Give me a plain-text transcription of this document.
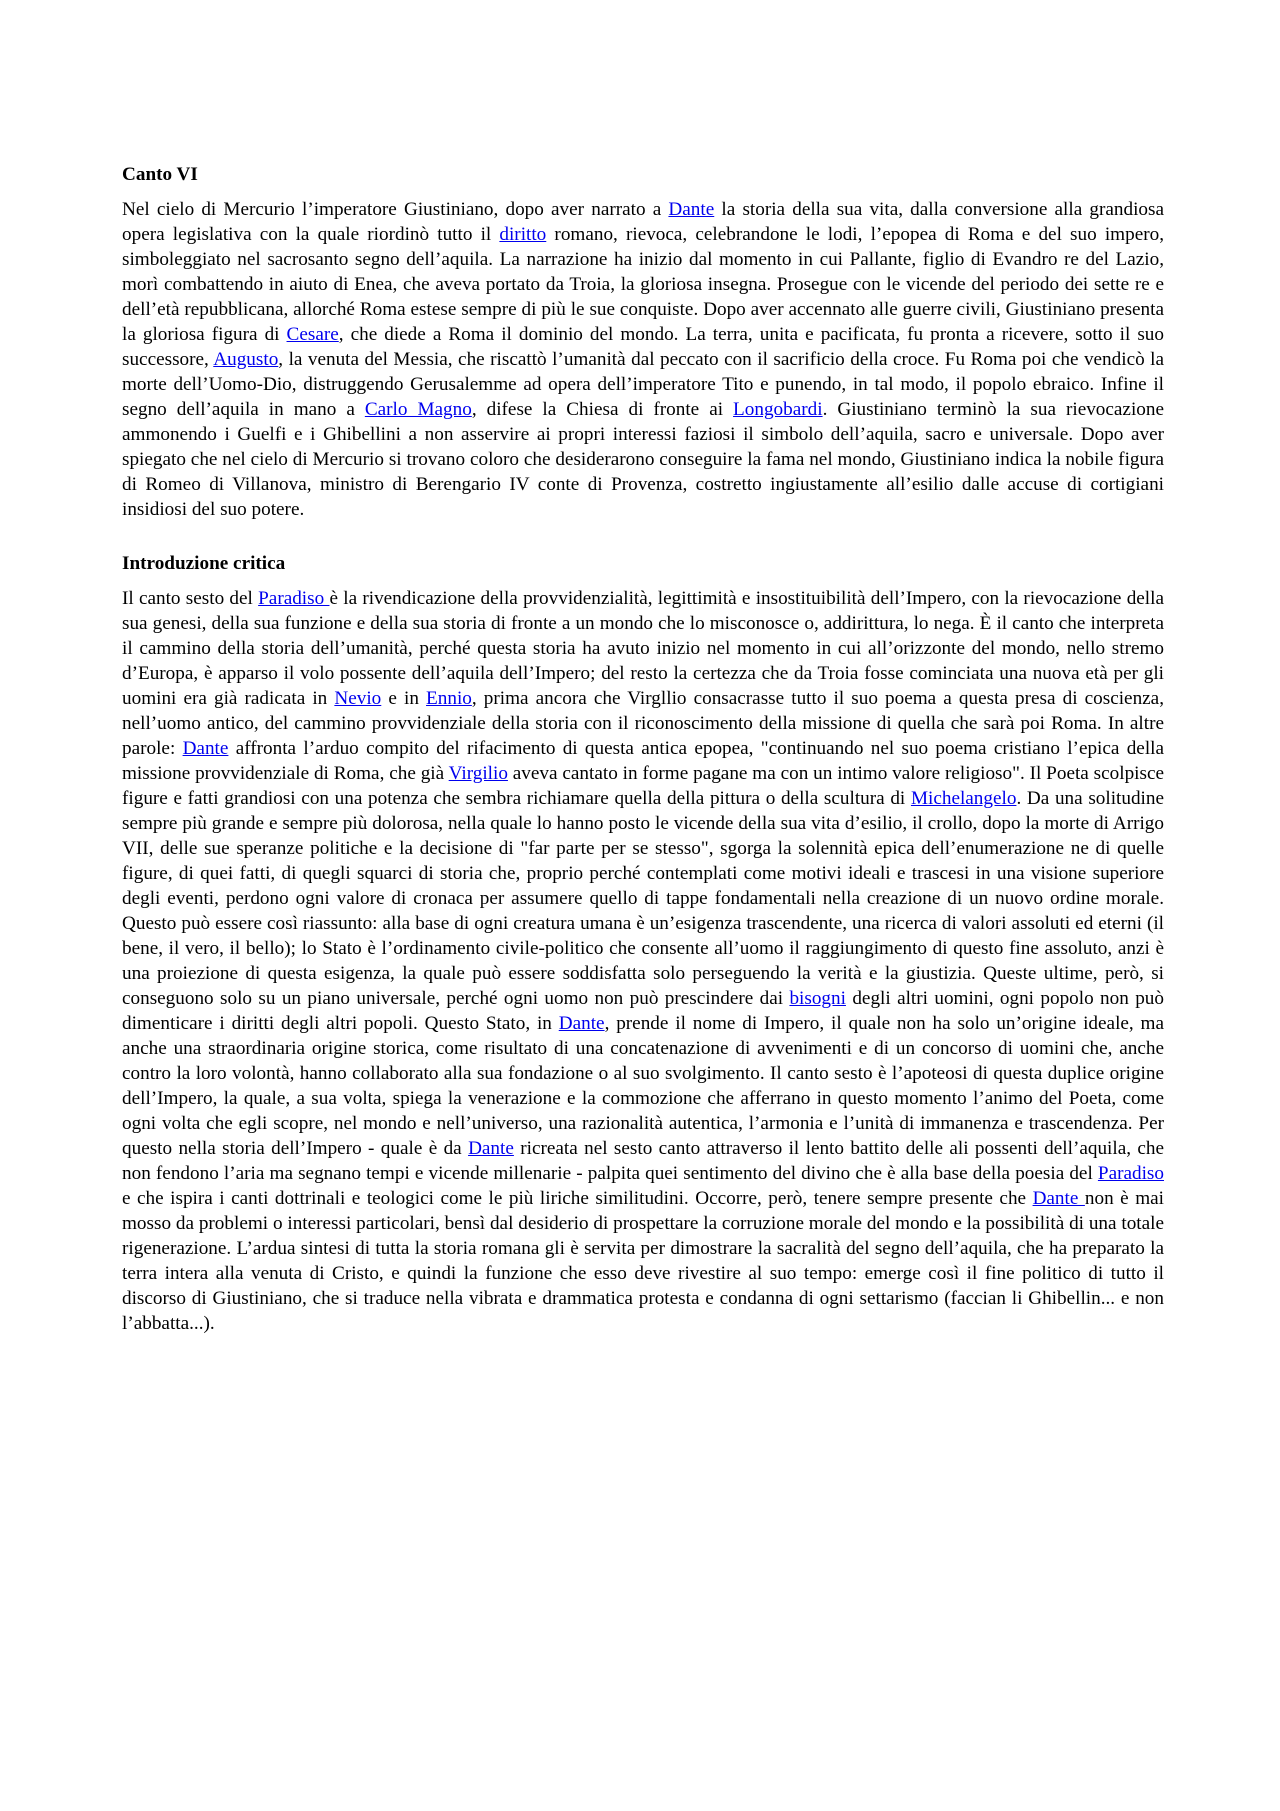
Canto VI

Nel cielo di Mercurio l’imperatore Giustiniano, dopo aver narrato a Dante la storia della sua vita, dalla conversione alla grandiosa opera legislativa con la quale riordinò tutto il diritto romano, rievoca, celebrandone le lodi, l’epopea di Roma e del suo impero, simboleggiato nel sacrosanto segno dell’aquila. La narrazione ha inizio dal momento in cui Pallante, figlio di Evandro re del Lazio, morì combattendo in aiuto di Enea, che aveva portato da Troia, la gloriosa insegna. Prosegue con le vicende del periodo dei sette re e dell’età repubblicana, allorché Roma estese sempre di più le sue conquiste. Dopo aver accennato alle guerre civili, Giustiniano presenta la gloriosa figura di Cesare, che diede a Roma il dominio del mondo. La terra, unita e pacificata, fu pronta a ricevere, sotto il suo successore, Augusto, la venuta del Messia, che riscattò l’umanità dal peccato con il sacrificio della croce. Fu Roma poi che vendicò la morte dell’Uomo-Dio, distruggendo Gerusalemme ad opera dell’imperatore Tito e punendo, in tal modo, il popolo ebraico. Infine il segno dell’aquila in mano a Carlo Magno, difese la Chiesa di fronte ai Longobardi. Giustiniano terminò la sua rievocazione ammonendo i Guelfi e i Ghibellini a non asservire ai propri interessi faziosi il simbolo dell’aquila, sacro e universale. Dopo aver spiegato che nel cielo di Mercurio si trovano coloro che desiderarono conseguire la fama nel mondo, Giustiniano indica la nobile figura di Romeo di Villanova, ministro di Berengario IV conte di Provenza, costretto ingiustamente all’esilio dalle accuse di cortigiani insidiosi del suo potere.

Introduzione critica

Il canto sesto del Paradiso è la rivendicazione della provvidenzialità, legittimità e insostituibilità dell’Impero, con la rievocazione della sua genesi, della sua funzione e della sua storia di fronte a un mondo che lo misconosce o, addirittura, lo nega. È il canto che interpreta il cammino della storia dell’umanità, perché questa storia ha avuto inizio nel momento in cui all’orizzonte del mondo, nello stremo d’Europa, è apparso il volo possente dell’aquila dell’Impero; del resto la certezza che da Troia fosse cominciata una nuova età per gli uomini era già radicata in Nevio e in Ennio, prima ancora che Virgllio consacrasse tutto il suo poema a questa presa di coscienza, nell’uomo antico, del cammino provvidenziale della storia con il riconoscimento della missione di quella che sarà poi Roma. In altre parole: Dante affronta l’arduo compito del rifacimento di questa antica epopea, "continuando nel suo poema cristiano l’epica della missione provvidenziale di Roma, che già Virgilio aveva cantato in forme pagane ma con un intimo valore religioso". Il Poeta scolpisce figure e fatti grandiosi con una potenza che sembra richiamare quella della pittura o della scultura di Michelangelo. Da una solitudine sempre più grande e sempre più dolorosa, nella quale lo hanno posto le vicende della sua vita d’esilio, il crollo, dopo la morte di Arrigo VII, delle sue speranze politiche e la decisione di "far parte per se stesso", sgorga la solennità epica dell’enumerazione ne di quelle figure, di quei fatti, di quegli squarci di storia che, proprio perché contemplati come motivi ideali e trascesi in una visione superiore degli eventi, perdono ogni valore di cronaca per assumere quello di tappe fondamentali nella creazione di un nuovo ordine morale. Questo può essere così riassunto: alla base di ogni creatura umana è un’esigenza trascendente, una ricerca di valori assoluti ed eterni (il bene, il vero, il bello); lo Stato è l’ordinamento civile-politico che consente all’uomo il raggiungimento di questo fine assoluto, anzi è una proiezione di questa esigenza, la quale può essere soddisfatta solo perseguendo la verità e la giustizia. Queste ultime, però, si conseguono solo su un piano universale, perché ogni uomo non può prescindere dai bisogni degli altri uomini, ogni popolo non può dimenticare i diritti degli altri popoli. Questo Stato, in Dante, prende il nome di Impero, il quale non ha solo un’origine ideale, ma anche una straordinaria origine storica, come risultato di una concatenazione di avvenimenti e di un concorso di uomini che, anche contro la loro volontà, hanno collaborato alla sua fondazione o al suo svolgimento. Il canto sesto è l’apoteosi di questa duplice origine dell’Impero, la quale, a sua volta, spiega la venerazione e la commozione che afferrano in questo momento l’animo del Poeta, come ogni volta che egli scopre, nel mondo e nell’universo, una razionalità autentica, l’armonia e l’unità di immanenza e trascendenza. Per questo nella storia dell’Impero - quale è da Dante ricreata nel sesto canto attraverso il lento battito delle ali possenti dell’aquila, che non fendono l’aria ma segnano tempi e vicende millenarie - palpita quei sentimento del divino che è alla base della poesia del Paradiso e che ispira i canti dottrinali e teologici come le più liriche similitudini. Occorre, però, tenere sempre presente che Dante non è mai mosso da problemi o interessi particolari, bensì dal desiderio di prospettare la corruzione morale del mondo e la possibilità di una totale rigenerazione. L’ardua sintesi di tutta la storia romana gli è servita per dimostrare la sacralità del segno dell’aquila, che ha preparato la terra intera alla venuta di Cristo, e quindi la funzione che esso deve rivestire al suo tempo: emerge così il fine politico di tutto il discorso di Giustiniano, che si traduce nella vibrata e drammatica protesta e condanna di ogni settarismo (faccian li Ghibellin... e non l’abbatta...).
